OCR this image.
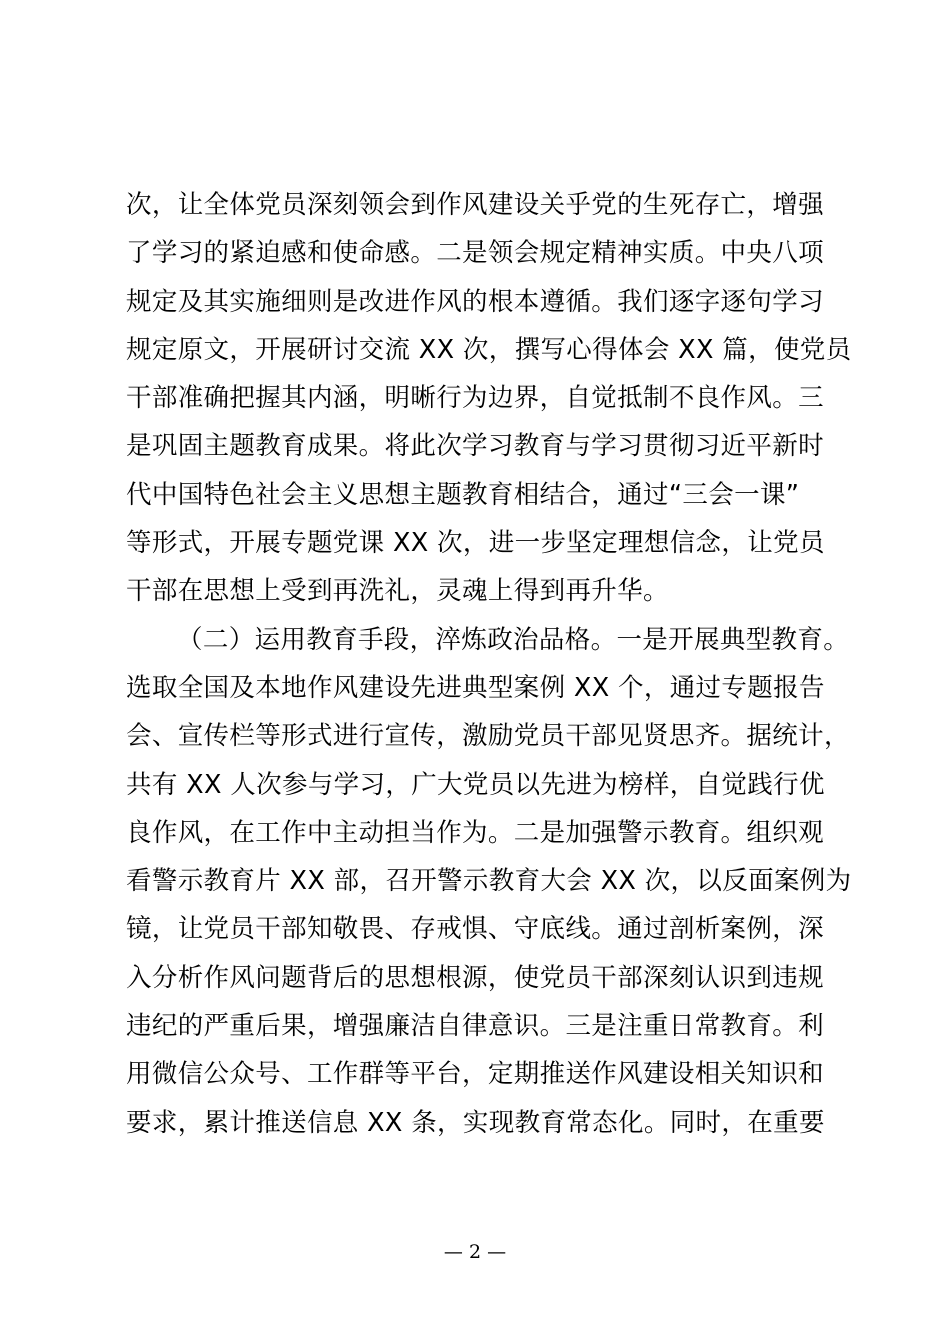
次，让全体党员深刻领会到作风建设关乎党的生死存亡，增强
了学习的紧迫感和使命感。二是领会规定精神实质。中央八项
规定及其实施细则是改进作风的根本遵循。我们逐字逐句学习
规定原文，开展研讨交流 XX 次，撰写心得体会 XX 篇，使党员
干部准确把握其内涵，明晰行为边界，自觉抵制不良作风。三
是巩固主题教育成果。将此次学习教育与学习贯彻习近平新时
代中国特色社会主义思想主题教育相结合，通过“三会一课”
等形式，开展专题党课 XX 次，进一步坚定理想信念，让党员
干部在思想上受到再洗礼，灵魂上得到再升华。
（二）运用教育手段，淬炼政治品格。一是开展典型教育。
选取全国及本地作风建设先进典型案例 XX 个，通过专题报告
会、宣传栏等形式进行宣传，激励党员干部见贤思齐。据统计，
共有 XX 人次参与学习，广大党员以先进为榜样，自觉践行优
良作风，在工作中主动担当作为。二是加强警示教育。组织观
看警示教育片 XX 部，召开警示教育大会 XX 次，以反面案例为
镜，让党员干部知敬畏、存戒惧、守底线。通过剖析案例，深
入分析作风问题背后的思想根源，使党员干部深刻认识到违规
违纪的严重后果，增强廉洁自律意识。三是注重日常教育。利
用微信公众号、工作群等平台，定期推送作风建设相关知识和
要求，累计推送信息 XX 条，实现教育常态化。同时，在重要
— 2 —
